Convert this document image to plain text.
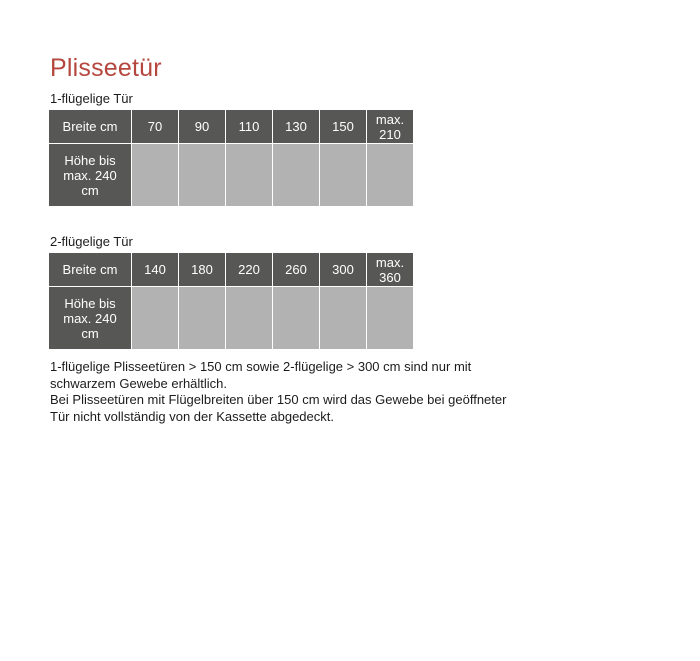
Plisseetür
1-flügelige Tür
Breite cm	70	90	110	130	150	max. 210
Höhe bis max. 240 cm
2-flügelige Tür
Breite cm	140	180	220	260	300	max. 360
Höhe bis max. 240 cm

1-flügelige Plisseetüren > 150 cm sowie 2-flügelige > 300 cm sind nur mit schwarzem Gewebe erhältlich.

Bei Plisseetüren mit Flügelbreiten über 150 cm wird das Gewebe bei geöffneter Tür nicht vollständig von der Kassette abgedeckt.
